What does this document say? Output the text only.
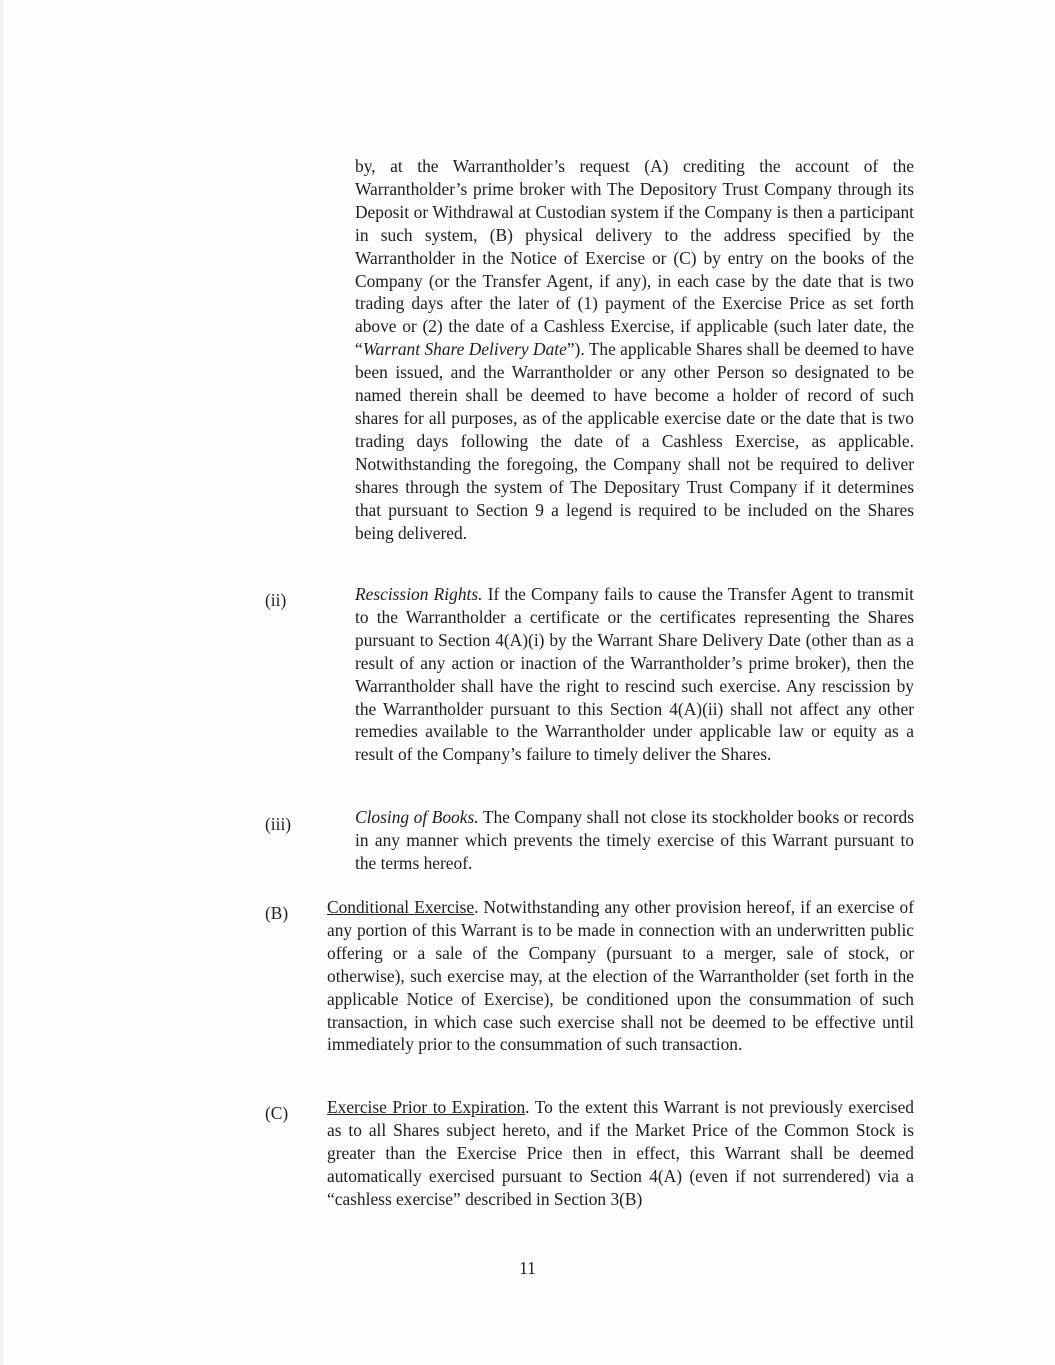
by, at the Warrantholder’s request (A) crediting the account of the Warrantholder’s prime broker with The Depository Trust Company through its Deposit or Withdrawal at Custodian system if the Company is then a participant in such system, (B) physical delivery to the address specified by the Warrantholder in the Notice of Exercise or (C) by entry on the books of the Company (or the Transfer Agent, if any), in each case by the date that is two trading days after the later of (1) payment of the Exercise Price as set forth above or (2) the date of a Cashless Exercise, if applicable (such later date, the “Warrant Share Delivery Date”). The applicable Shares shall be deemed to have been issued, and the Warrantholder or any other Person so designated to be named therein shall be deemed to have become a holder of record of such shares for all purposes, as of the applicable exercise date or the date that is two trading days following the date of a Cashless Exercise, as applicable. Notwithstanding the foregoing, the Company shall not be required to deliver shares through the system of The Depositary Trust Company if it determines that pursuant to Section 9 a legend is required to be included on the Shares being delivered.

(ii)	Rescission Rights. If the Company fails to cause the Transfer Agent to transmit to the Warrantholder a certificate or the certificates representing the Shares pursuant to Section 4(A)(i) by the Warrant Share Delivery Date (other than as a result of any action or inaction of the Warrantholder’s prime broker), then the Warrantholder shall have the right to rescind such exercise. Any rescission by the Warrantholder pursuant to this Section 4(A)(ii) shall not affect any other remedies available to the Warrantholder under applicable law or equity as a result of the Company’s failure to timely deliver the Shares.

(iii)	Closing of Books. The Company shall not close its stockholder books or records in any manner which prevents the timely exercise of this Warrant pursuant to the terms hereof.

(B) Conditional Exercise. Notwithstanding any other provision hereof, if an exercise of any portion of this Warrant is to be made in connection with an underwritten public offering or a sale of the Company (pursuant to a merger, sale of stock, or otherwise), such exercise may, at the election of the Warrantholder (set forth in the applicable Notice of Exercise), be conditioned upon the consummation of such transaction, in which case such exercise shall not be deemed to be effective until immediately prior to the consummation of such transaction.

(C) Exercise Prior to Expiration. To the extent this Warrant is not previously exercised as to all Shares subject hereto, and if the Market Price of the Common Stock is greater than the Exercise Price then in effect, this Warrant shall be deemed automatically exercised pursuant to Section 4(A) (even if not surrendered) via a “cashless exercise” described in Section 3(B)

11
